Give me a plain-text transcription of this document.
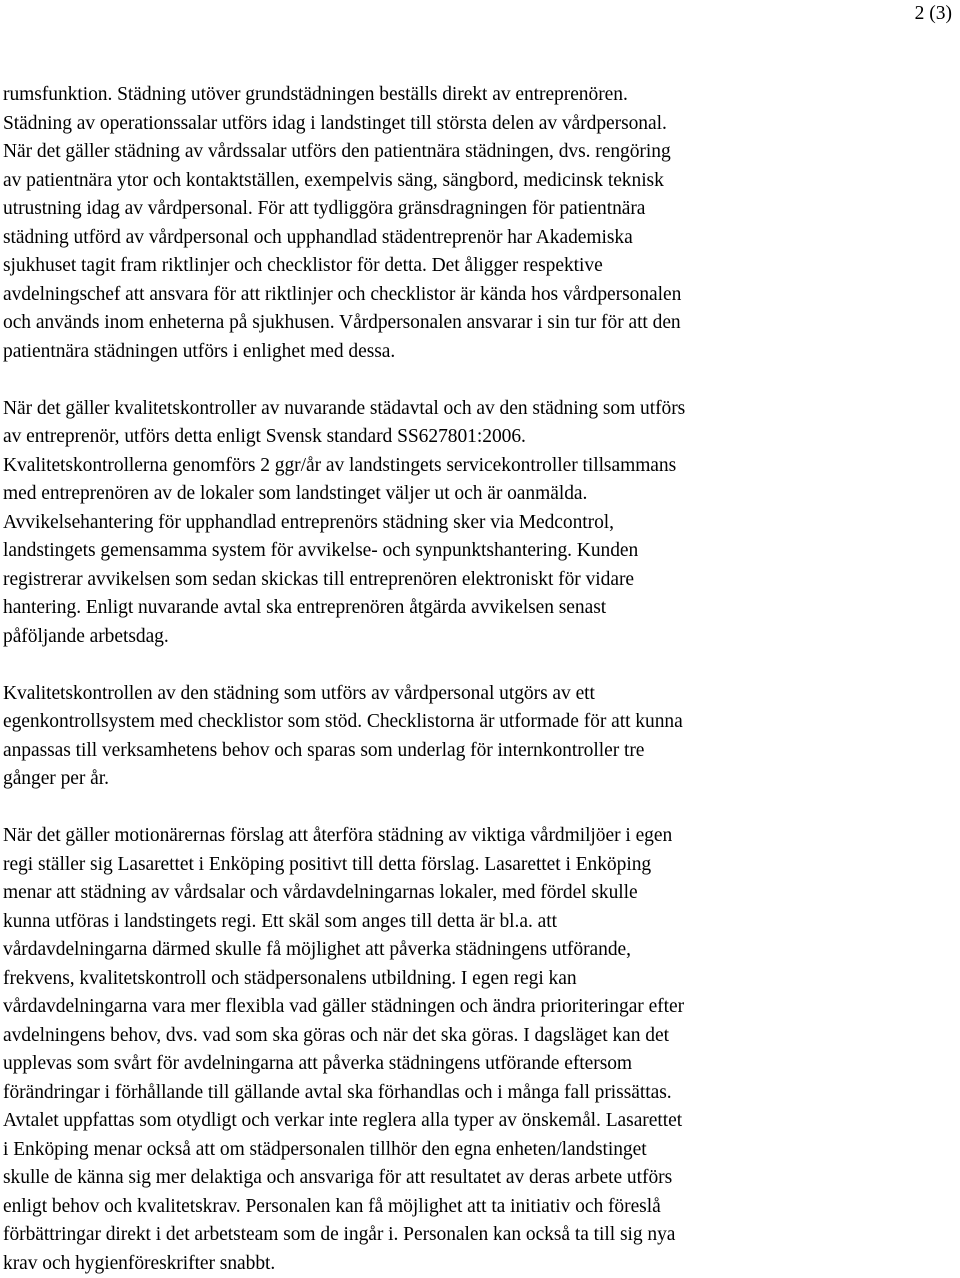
2 (3)

rumsfunktion. Städning utöver grundstädningen beställs direkt av entreprenören.
Städning av operationssalar utförs idag i landstinget till största delen av vårdpersonal.
När det gäller städning av vårdssalar utförs den patientnära städningen, dvs. rengöring
av patientnära ytor och kontaktställen, exempelvis säng, sängbord, medicinsk teknisk
utrustning idag av vårdpersonal. För att tydliggöra gränsdragningen för patientnära
städning utförd av vårdpersonal och upphandlad städentreprenör har Akademiska
sjukhuset tagit fram riktlinjer och checklistor för detta. Det åligger respektive
avdelningschef att ansvara för att riktlinjer och checklistor är kända hos vårdpersonalen
och används inom enheterna på sjukhusen. Vårdpersonalen ansvarar i sin tur för att den
patientnära städningen utförs i enlighet med dessa.

När det gäller kvalitetskontroller av nuvarande städavtal och av den städning som utförs
av entreprenör, utförs detta enligt Svensk standard SS627801:2006.
Kvalitetskontrollerna genomförs 2 ggr/år av landstingets servicekontroller tillsammans
med entreprenören av de lokaler som landstinget väljer ut och är oanmälda.
Avvikelsehantering för upphandlad entreprenörs städning sker via Medcontrol,
landstingets gemensamma system för avvikelse- och synpunktshantering. Kunden
registrerar avvikelsen som sedan skickas till entreprenören elektroniskt för vidare
hantering. Enligt nuvarande avtal ska entreprenören åtgärda avvikelsen senast
påföljande arbetsdag.

Kvalitetskontrollen av den städning som utförs av vårdpersonal utgörs av ett
egenkontrollsystem med checklistor som stöd. Checklistorna är utformade för att kunna
anpassas till verksamhetens behov och sparas som underlag för internkontroller tre
gånger per år.

När det gäller motionärernas förslag att återföra städning av viktiga vårdmiljöer i egen
regi ställer sig Lasarettet i Enköping positivt till detta förslag. Lasarettet i Enköping
menar att städning av vårdsalar och vårdavdelningarnas lokaler, med fördel skulle
kunna utföras i landstingets regi. Ett skäl som anges till detta är bl.a. att
vårdavdelningarna därmed skulle få möjlighet att påverka städningens utförande,
frekvens, kvalitetskontroll och städpersonalens utbildning. I egen regi kan
vårdavdelningarna vara mer flexibla vad gäller städningen och ändra prioriteringar efter
avdelningens behov, dvs. vad som ska göras och när det ska göras. I dagsläget kan det
upplevas som svårt för avdelningarna att påverka städningens utförande eftersom
förändringar i förhållande till gällande avtal ska förhandlas och i många fall prissättas.
Avtalet uppfattas som otydligt och verkar inte reglera alla typer av önskemål. Lasarettet
i Enköping menar också att om städpersonalen tillhör den egna enheten/landstinget
skulle de känna sig mer delaktiga och ansvariga för att resultatet av deras arbete utförs
enligt behov och kvalitetskrav. Personalen kan få möjlighet att ta initiativ och föreslå
förbättringar direkt i det arbetsteam som de ingår i. Personalen kan också ta till sig nya
krav och hygienföreskrifter snabbt.
